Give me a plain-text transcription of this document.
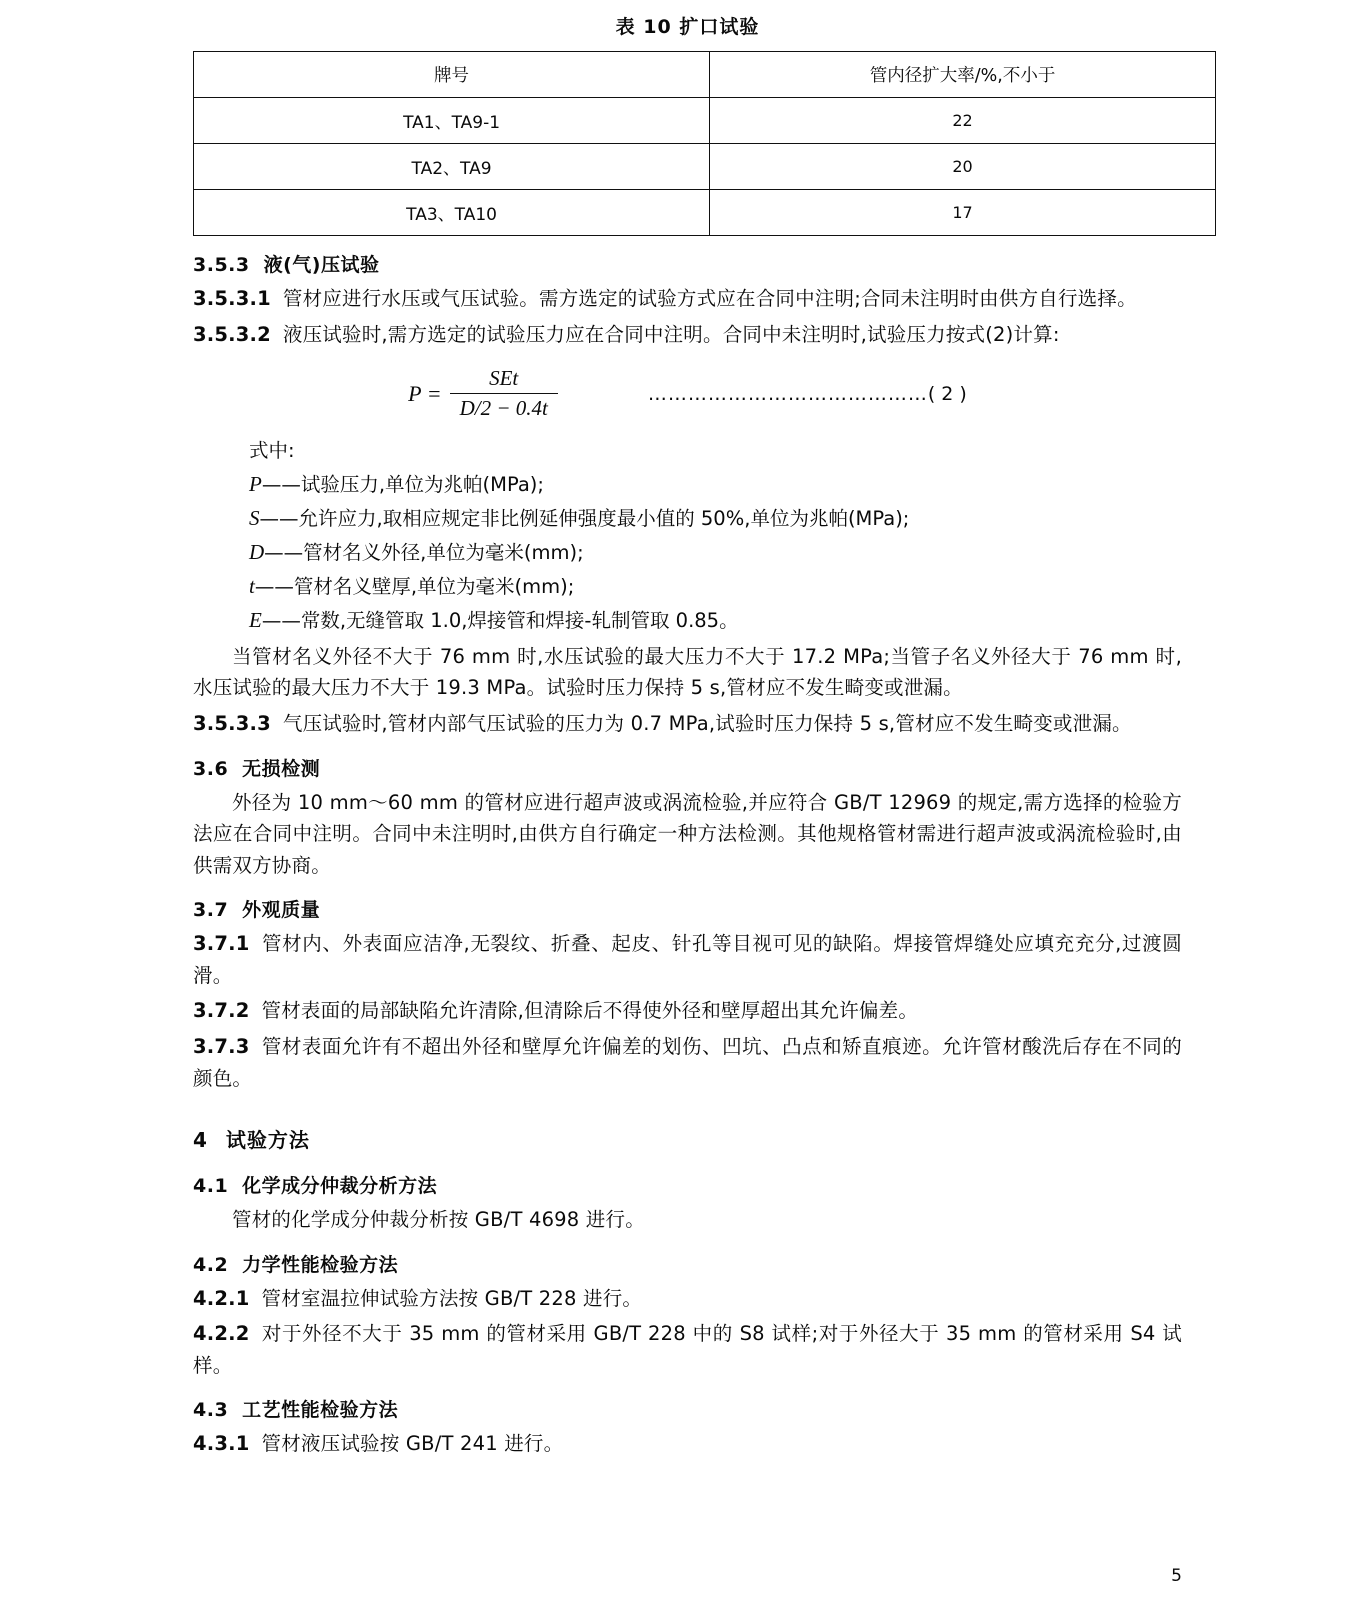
表 10 扩口试验
牌号	管内径扩大率/%,不小于
TA1、TA9-1	22
TA2、TA9	20
TA3、TA10	17
3.5.3 液(气)压试验

3.5.3.1 管材应进行水压或气压试验。需方选定的试验方式应在合同中注明;合同未注明时由供方自行选择。

3.5.3.2 液压试验时,需方选定的试验压力应在合同中注明。合同中未注明时,试验压力按式(2)计算:

$P = \frac{\text{SEt}}{D/2 - 0.4t}$	…………………………………… ( 2 )
式中:
P——试验压力,单位为兆帕(MPa);
S——允许应力,取相应规定非比例延伸强度最小值的 50%,单位为兆帕(MPa);
D——管材名义外径,单位为毫米(mm);
t——管材名义壁厚,单位为毫米(mm);
E——常数,无缝管取 1.0,焊接管和焊接-轧制管取 0.85。

当管材名义外径不大于 76 mm 时,水压试验的最大压力不大于 17.2 MPa;当管子名义外径大于 76 mm 时,水压试验的最大压力不大于 19.3 MPa。试验时压力保持 5 s,管材应不发生畸变或泄漏。

3.5.3.3 气压试验时,管材内部气压试验的压力为 0.7 MPa,试验时压力保持 5 s,管材应不发生畸变或泄漏。

3.6 无损检测

外径为 10 mm～60 mm 的管材应进行超声波或涡流检验,并应符合 GB/T 12969 的规定,需方选择的检验方法应在合同中注明。合同中未注明时,由供方自行确定一种方法检测。其他规格管材需进行超声波或涡流检验时,由供需双方协商。

3.7 外观质量

3.7.1 管材内、外表面应洁净,无裂纹、折叠、起皮、针孔等目视可见的缺陷。焊接管焊缝处应填充充分,过渡圆滑。

3.7.2 管材表面的局部缺陷允许清除,但清除后不得使外径和壁厚超出其允许偏差。

3.7.3 管材表面允许有不超出外径和壁厚允许偏差的划伤、凹坑、凸点和矫直痕迹。允许管材酸洗后存在不同的颜色。

4 试验方法
4.1 化学成分仲裁分析方法

管材的化学成分仲裁分析按 GB/T 4698 进行。

4.2 力学性能检验方法

4.2.1 管材室温拉伸试验方法按 GB/T 228 进行。

4.2.2 对于外径不大于 35 mm 的管材采用 GB/T 228 中的 S8 试样;对于外径大于 35 mm 的管材采用 S4 试样。

4.3 工艺性能检验方法

4.3.1 管材液压试验按 GB/T 241 进行。

5
